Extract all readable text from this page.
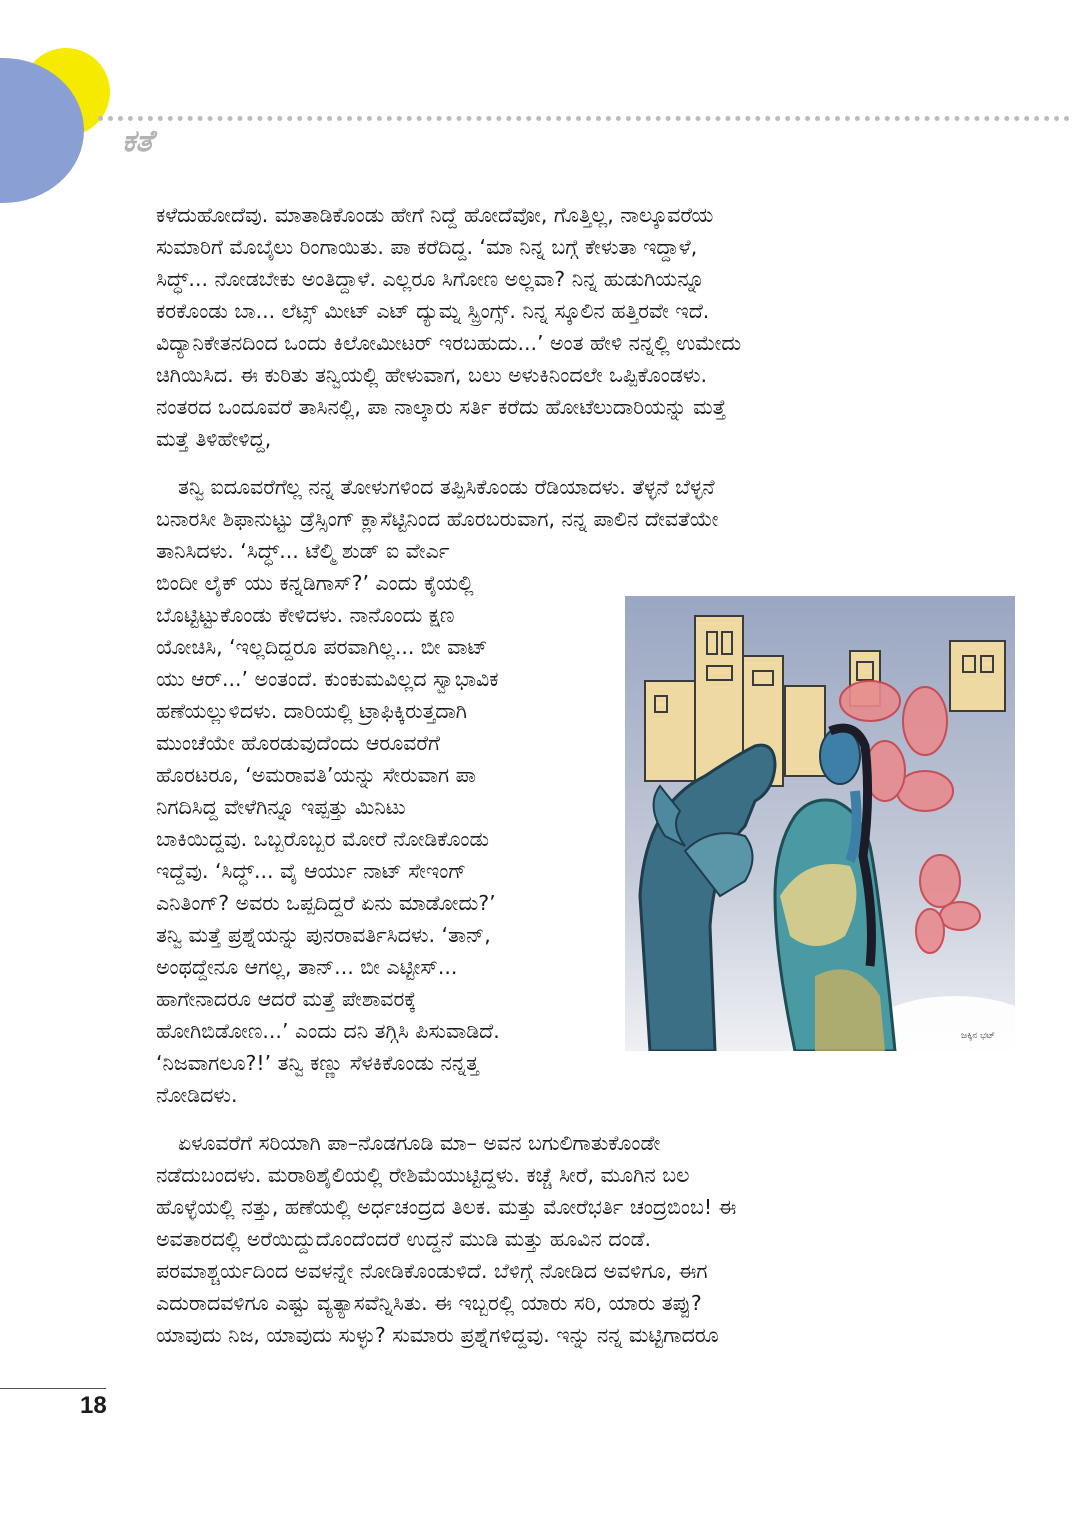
ಕತೆ
ಕಳೆದುಹೋದೆವು. ಮಾತಾಡಿಕೊಂಡು ಹೇಗೆ ನಿದ್ದೆ ಹೋದೆವೋ, ಗೊತ್ತಿಲ್ಲ, ನಾಲ್ಕೂವರೆಯ
ಸುಮಾರಿಗೆ ಮೊಬೈಲು ರಿಂಗಾಯಿತು. ಪಾ ಕರೆದಿದ್ದ. ‘ಮಾ ನಿನ್ನ ಬಗ್ಗೆ ಕೇಳುತಾ ಇದ್ದಾಳೆ,
ಸಿದ್ಧ್... ನೋಡಬೇಕು ಅಂತಿದ್ದಾಳೆ. ಎಲ್ಲರೂ ಸಿಗೋಣ ಅಲ್ಲವಾ? ನಿನ್ನ ಹುಡುಗಿಯನ್ನೂ
ಕರಕೊಂಡು ಬಾ... ಲೆಟ್ಸ್ ಮೀಟ್ ಎಟ್ ದ್ಯುಮ್ನ ಸ್ಪ್ರಿಂಗ್ಸ್. ನಿನ್ನ ಸ್ಕೂಲಿನ ಹತ್ತಿರವೇ ಇದೆ.
ವಿದ್ಯಾನಿಕೇತನದಿಂದ ಒಂದು ಕಿಲೋಮೀಟರ್ ಇರಬಹುದು...’ ಅಂತ ಹೇಳಿ ನನ್ನಲ್ಲಿ ಉಮೇದು
ಚಿಗಿಯಿಸಿದ. ಈ ಕುರಿತು ತನ್ವಿಯಲ್ಲಿ ಹೇಳುವಾಗ, ಬಲು ಅಳುಕಿನಿಂದಲೇ ಒಪ್ಪಿಕೊಂಡಳು.
ನಂತರದ ಒಂದೂವರೆ ತಾಸಿನಲ್ಲಿ, ಪಾ ನಾಲ್ಕಾರು ಸರ್ತಿ ಕರೆದು ಹೋಟೆಲುದಾರಿಯನ್ನು ಮತ್ತೆ
ಮತ್ತೆ ತಿಳಿಹೇಳಿದ್ದ,
ತನ್ವಿ ಐದೂವರೆಗೆಲ್ಲ ನನ್ನ ತೋಳುಗಳಿಂದ ತಪ್ಪಿಸಿಕೊಂಡು ರೆಡಿಯಾದಳು. ತೆಳ್ಳನೆ ಬೆಳ್ಳನೆ
ಬನಾರಸೀ ಶಿಫಾನುಟ್ಟು ಡ್ರೆಸ್ಸಿಂಗ್ ಕ್ಲಾಸೆಟ್ಟಿನಿಂದ ಹೊರಬರುವಾಗ, ನನ್ನ ಪಾಲಿನ ದೇವತೆಯೇ
ತಾನಿಸಿದಳು. ‘ಸಿದ್ಧ್... ಟೆಲ್ಮಿ ಶುಡ್ ಐ ವೇರ್ಎ
ಬಿಂದೀ ಲೈಕ್ ಯು ಕನ್ನಡಿಗಾಸ್?’ ಎಂದು ಕೈಯಲ್ಲಿ
ಬೊಟ್ಟಿಟ್ಟುಕೊಂಡು ಕೇಳಿದಳು. ನಾನೊಂದು ಕ್ಷಣ
ಯೋಚಿಸಿ, ‘ಇಲ್ಲದಿದ್ದರೂ ಪರವಾಗಿಲ್ಲ... ಬೀ ವಾಟ್
ಯು ಆರ್...’ ಅಂತಂದೆ. ಕುಂಕುಮವಿಲ್ಲದ ಸ್ವಾಭಾವಿಕ
ಹಣೆಯಲ್ಲುಳಿದಳು. ದಾರಿಯಲ್ಲಿ ಟ್ರಾಫಿಕ್ಕಿರುತ್ತದಾಗಿ
ಮುಂಚೆಯೇ ಹೊರಡುವುದೆಂದು ಆರೂವರೆಗೆ
ಹೊರಟರೂ, ‘ಅಮರಾವತಿ’ಯನ್ನು ಸೇರುವಾಗ ಪಾ
ನಿಗದಿಸಿದ್ದ ವೇಳೆಗಿನ್ನೂ ಇಪ್ಪತ್ತು ಮಿನಿಟು
ಬಾಕಿಯಿದ್ದವು. ಒಬ್ಬರೊಬ್ಬರ ಮೋರೆ ನೋಡಿಕೊಂಡು
ಇದ್ದೆವು. ‘ಸಿದ್ಧ್... ವೈ ಆರ್ಯು ನಾಟ್ ಸೇಇಂಗ್
ಎನಿತಿಂಗ್? ಅವರು ಒಪ್ಪದಿದ್ದರೆ ಏನು ಮಾಡೋದು?’
ತನ್ವಿ ಮತ್ತೆ ಪ್ರಶ್ನೆಯನ್ನು ಪುನರಾವರ್ತಿಸಿದಳು. ‘ತಾನ್,
ಅಂಥದ್ದೇನೂ ಆಗಲ್ಲ, ತಾನ್... ಬೀ ಎಟ್ಟೀಸ್...
ಹಾಗೇನಾದರೂ ಆದರೆ ಮತ್ತೆ ಪೇಶಾವರಕ್ಕೆ
ಹೋಗಿಬಿಡೋಣ...’ ಎಂದು ದನಿ ತಗ್ಗಿಸಿ ಪಿಸುವಾಡಿದೆ.
‘ನಿಜವಾಗಲೂ?!’ ತನ್ವಿ ಕಣ್ಣು ಸೆಳಕಿಕೊಂಡು ನನ್ನತ್ತ
ನೋಡಿದಳು.
ಏಳೂವರೆಗೆ ಸರಿಯಾಗಿ ಪಾ–ನೊಡಗೂಡಿ ಮಾ– ಅವನ ಬಗುಲಿಗಾತುಕೊಂಡೇ
ನಡೆದುಬಂದಳು. ಮರಾಠಿಶೈಲಿಯಲ್ಲಿ ರೇಶಿಮೆಯುಟ್ಟಿದ್ದಳು. ಕಚ್ಚೆ ಸೀರೆ, ಮೂಗಿನ ಬಲ
ಹೊಳ್ಳೆಯಲ್ಲಿ ನತ್ತು, ಹಣೆಯಲ್ಲಿ ಅರ್ಧಚಂದ್ರದ ತಿಲಕ. ಮತ್ತು ಮೋರೆಭರ್ತಿ ಚಂದ್ರಬಿಂಬ! ಈ
ಅವತಾರದಲ್ಲಿ ಅರೆಯಿದ್ದುದೊಂದೆಂದರೆ ಉದ್ದನೆ ಮುಡಿ ಮತ್ತು ಹೂವಿನ ದಂಡೆ.
ಪರಮಾಶ್ಚರ್ಯದಿಂದ ಅವಳನ್ನೇ ನೋಡಿಕೊಂಡುಳಿದೆ. ಬೆಳಿಗ್ಗೆ ನೋಡಿದ ಅವಳಿಗೂ, ಈಗ
ಎದುರಾದವಳಿಗೂ ಎಷ್ಟು ವ್ಯತ್ಯಾಸವೆನ್ನಿಸಿತು. ಈ ಇಬ್ಬರಲ್ಲಿ ಯಾರು ಸರಿ, ಯಾರು ತಪ್ಪು?
ಯಾವುದು ನಿಜ, ಯಾವುದು ಸುಳ್ಳು? ಸುಮಾರು ಪ್ರಶ್ನೆಗಳಿದ್ದವು. ಇನ್ನು ನನ್ನ ಮಟ್ಟಿಗಾದರೂ
ಜಕ್ಕಿನ ಭಟ್
18
